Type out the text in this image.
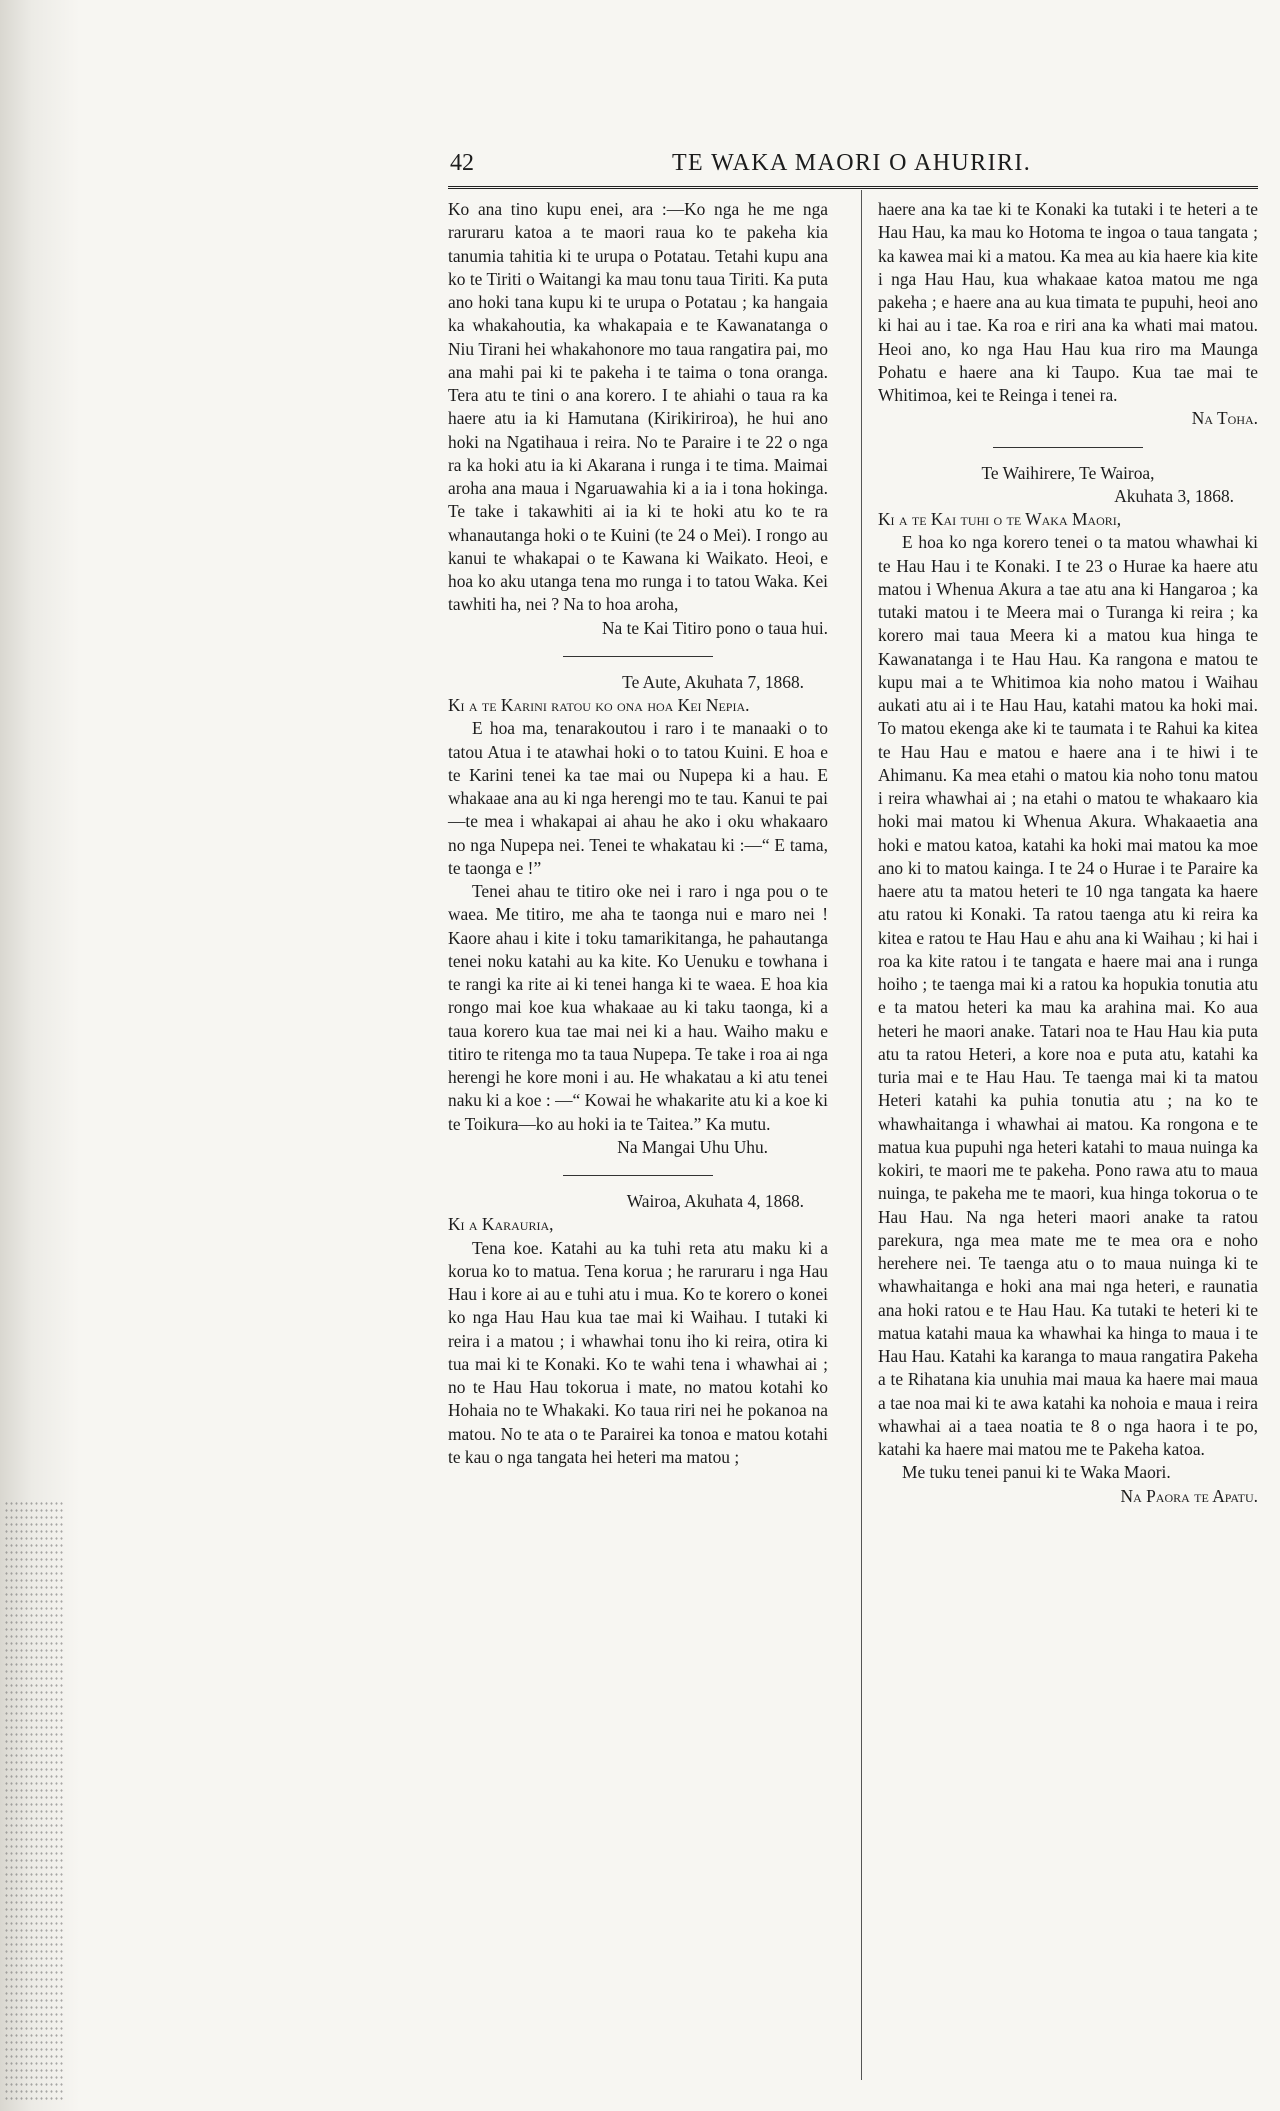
42	TE WAKA MAORI O AHURIRI.

Ko ana tino kupu enei, ara :—Ko nga he me nga raruraru katoa a te maori raua ko te pakeha kia tanumia tahitia ki te urupa o Potatau. Tetahi kupu ana ko te Tiriti o Waitangi ka mau tonu taua Tiriti. Ka puta ano hoki tana kupu ki te urupa o Potatau ; ka hangaia ka whakahoutia, ka whakapaia e te Kawanatanga o Niu Tirani hei whakahonore mo taua rangatira pai, mo ana mahi pai ki te pakeha i te taima o tona oranga. Tera atu te tini o ana korero. I te ahiahi o taua ra ka haere atu ia ki Hamutana (Kirikiriroa), he hui ano hoki na Ngatihaua i reira. No te Paraire i te 22 o nga ra ka hoki atu ia ki Akarana i runga i te tima. Maimai aroha ana maua i Ngaruawahia ki a ia i tona hokinga. Te take i takawhiti ai ia ki te hoki atu ko te ra whanautanga hoki o te Kuini (te 24 o Mei). I rongo au kanui te whakapai o te Kawana ki Waikato. Heoi, e hoa ko aku utanga tena mo runga i to tatou Waka. Kei tawhiti ha, nei ? Na to hoa aroha,

Na te Kai Titiro pono o taua hui.

Te Aute, Akuhata 7, 1868.

Ki a te Karini ratou ko ona hoa Kei Nepia.

E hoa ma, tenarakoutou i raro i te manaaki o to tatou Atua i te atawhai hoki o to tatou Kuini. E hoa e te Karini tenei ka tae mai ou Nupepa ki a hau. E whakaae ana au ki nga herengi mo te tau. Kanui te pai—te mea i whakapai ai ahau he ako i oku whakaaro no nga Nupepa nei. Tenei te whakatau ki :—“ E tama, te taonga e !”

Tenei ahau te titiro oke nei i raro i nga pou o te waea. Me titiro, me aha te taonga nui e maro nei ! Kaore ahau i kite i toku tamarikitanga, he pahautanga tenei noku katahi au ka kite. Ko Uenuku e towhana i te rangi ka rite ai ki tenei hanga ki te waea. E hoa kia rongo mai koe kua whakaae au ki taku taonga, ki a taua korero kua tae mai nei ki a hau. Waiho maku e titiro te ritenga mo ta taua Nupepa. Te take i roa ai nga herengi he kore moni i au. He whakatau a ki atu tenei naku ki a koe : —“ Kowai he whakarite atu ki a koe ki te Toikura—ko au hoki ia te Taitea.” Ka mutu.

Na Mangai Uhu Uhu.

Wairoa, Akuhata 4, 1868.

Ki a Karauria,

Tena koe. Katahi au ka tuhi reta atu maku ki a korua ko to matua. Tena korua ; he raruraru i nga Hau Hau i kore ai au e tuhi atu i mua. Ko te korero o konei ko nga Hau Hau kua tae mai ki Waihau. I tutaki ki reira i a matou ; i whawhai tonu iho ki reira, otira ki tua mai ki te Konaki. Ko te wahi tena i whawhai ai ; no te Hau Hau tokorua i mate, no matou kotahi ko Hohaia no te Whakaki. Ko taua riri nei he pokanoa na matou. No te ata o te Parairei ka tonoa e matou kotahi te kau o nga tangata hei heteri ma matou ;

haere ana ka tae ki te Konaki ka tutaki i te heteri a te Hau Hau, ka mau ko Hotoma te ingoa o taua tangata ; ka kawea mai ki a matou. Ka mea au kia haere kia kite i nga Hau Hau, kua whakaae katoa matou me nga pakeha ; e haere ana au kua timata te pupuhi, heoi ano ki hai au i tae. Ka roa e riri ana ka whati mai matou. Heoi ano, ko nga Hau Hau kua riro ma Maunga Pohatu e haere ana ki Taupo. Kua tae mai te Whitimoa, kei te Reinga i tenei ra.

Na Toha.

Te Waihirere, Te Wairoa,

Akuhata 3, 1868.

Ki a te Kai tuhi o te Waka Maori,

E hoa ko nga korero tenei o ta matou whawhai ki te Hau Hau i te Konaki. I te 23 o Hurae ka haere atu matou i Whenua Akura a tae atu ana ki Hangaroa ; ka tutaki matou i te Meera mai o Turanga ki reira ; ka korero mai taua Meera ki a matou kua hinga te Kawanatanga i te Hau Hau. Ka rangona e matou te kupu mai a te Whitimoa kia noho matou i Waihau aukati atu ai i te Hau Hau, katahi matou ka hoki mai. To matou ekenga ake ki te taumata i te Rahui ka kitea te Hau Hau e matou e haere ana i te hiwi i te Ahimanu. Ka mea etahi o matou kia noho tonu matou i reira whawhai ai ; na etahi o matou te whakaaro kia hoki mai matou ki Whenua Akura. Whakaaetia ana hoki e matou katoa, katahi ka hoki mai matou ka moe ano ki to matou kainga. I te 24 o Hurae i te Paraire ka haere atu ta matou heteri te 10 nga tangata ka haere atu ratou ki Konaki. Ta ratou taenga atu ki reira ka kitea e ratou te Hau Hau e ahu ana ki Waihau ; ki hai i roa ka kite ratou i te tangata e haere mai ana i runga hoiho ; te taenga mai ki a ratou ka hopukia tonutia atu e ta matou heteri ka mau ka arahina mai. Ko aua heteri he maori anake. Tatari noa te Hau Hau kia puta atu ta ratou Heteri, a kore noa e puta atu, katahi ka turia mai e te Hau Hau. Te taenga mai ki ta matou Heteri katahi ka puhia tonutia atu ; na ko te whawhaitanga i whawhai ai matou. Ka rongona e te matua kua pupuhi nga heteri katahi to maua nuinga ka kokiri, te maori me te pakeha. Pono rawa atu to maua nuinga, te pakeha me te maori, kua hinga tokorua o te Hau Hau. Na nga heteri maori anake ta ratou parekura, nga mea mate me te mea ora e noho herehere nei. Te taenga atu o to maua nuinga ki te whawhaitanga e hoki ana mai nga heteri, e raunatia ana hoki ratou e te Hau Hau. Ka tutaki te heteri ki te matua katahi maua ka whawhai ka hinga to maua i te Hau Hau. Katahi ka karanga to maua rangatira Pakeha a te Rihatana kia unuhia mai maua ka haere mai maua a tae noa mai ki te awa katahi ka nohoia e maua i reira whawhai ai a taea noatia te 8 o nga haora i te po, katahi ka haere mai matou me te Pakeha katoa.

Me tuku tenei panui ki te Waka Maori.

Na Paora te Apatu.
